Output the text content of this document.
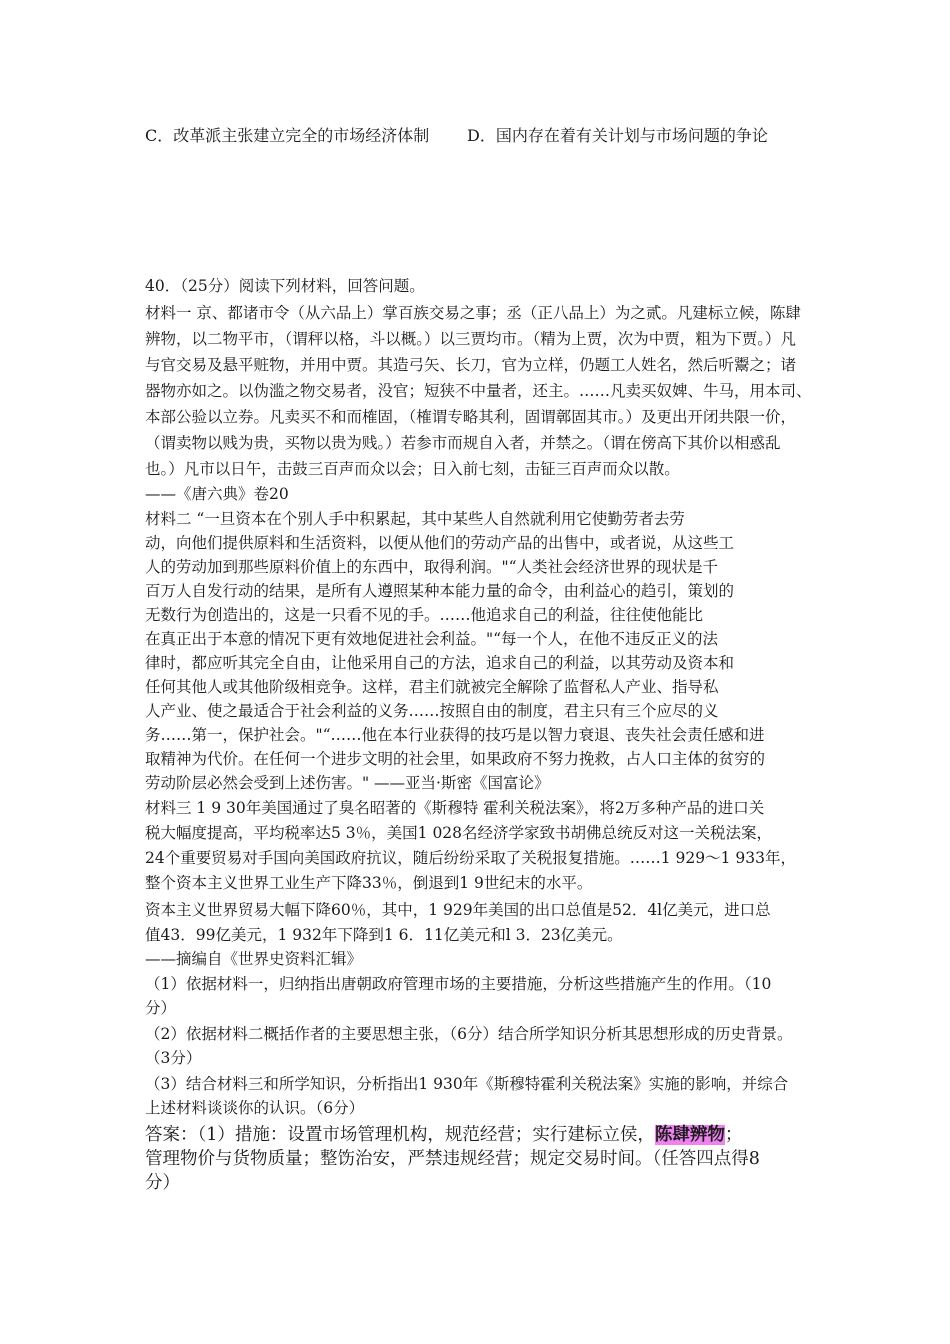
C．改革派主张建立完全的市场经济体制 D．国内存在着有关计划与市场问题的争论
40．（25分）阅读下列材料，回答问题。
材料一 京、都诸市令（从六品上）掌百族交易之事；丞（正八品上）为之贰。凡建标立候，陈肆
辨物，以二物平市，（谓秤以格，斗以概。）以三贾均市。（精为上贾，次为中贾，粗为下贾。）凡
与官交易及悬平赃物，并用中贾。其造弓矢、长刀，官为立样，仍题工人姓名，然后听鬻之；诸
器物亦如之。以伪滥之物交易者，没官；短狭不中量者，还主。……凡卖买奴婢、牛马，用本司、
本部公验以立券。凡卖买不和而榷固，（榷谓专略其利，固谓鄣固其市。）及更出开闭共限一价，
（谓卖物以贱为贵，买物以贵为贱。）若参市而规自入者，并禁之。（谓在傍高下其价以相惑乱
也。）凡市以日午，击鼓三百声而众以会；日入前七刻，击钲三百声而众以散。
——《唐六典》卷20
材料二 “一旦资本在个别人手中积累起，其中某些人自然就利用它使勤劳者去劳
动，向他们提供原料和生活资料，以便从他们的劳动产品的出售中，或者说，从这些工
人的劳动加到那些原料价值上的东西中，取得利润。"“人类社会经济世界的现状是千
百万人自发行动的结果，是所有人遵照某种本能力量的命令，由利益心的趋引，策划的
无数行为创造出的，这是一只看不见的手。……他追求自己的利益，往往使他能比
在真正出于本意的情况下更有效地促进社会利益。"“每一个人，在他不违反正义的法
律时，都应听其完全自由，让他采用自己的方法，追求自己的利益，以其劳动及资本和
任何其他人或其他阶级相竞争。这样，君主们就被完全解除了监督私人产业、指导私
人产业、使之最适合于社会利益的义务……按照自由的制度，君主只有三个应尽的义
务……第一，保护社会。"“……他在本行业获得的技巧是以智力衰退、丧失社会责任感和进
取精神为代价。在任何一个进步文明的社会里，如果政府不努力挽救，占人口主体的贫穷的
劳动阶层必然会受到上述伤害。" ——亚当·斯密《国富论》
材料三 1 9 30年美国通过了臭名昭著的《斯穆特 霍利关税法案》，将2万多种产品的进口关
税大幅度提高，平均税率达5 3％，美国1 028名经济学家致书胡佛总统反对这一关税法案，
24个重要贸易对手国向美国政府抗议，随后纷纷采取了关税报复措施。……1 929～1 933年，
整个资本主义世界工业生产下降33％，倒退到1 9世纪末的水平。
资本主义世界贸易大幅下降60％，其中，1 929年美国的出口总值是52．4l亿美元，进口总
值43．99亿美元，1 932年下降到1 6．11亿美元和l 3．23亿美元。
——摘编自《世界史资料汇辑》
（1）依据材料一，归纳指出唐朝政府管理市场的主要措施，分析这些措施产生的作用。（10
分）
（2）依据材料二概括作者的主要思想主张，（6分）结合所学知识分析其思想形成的历史背景。
（3分）
（3）结合材料三和所学知识，分析指出1 930年《斯穆特霍利关税法案》实施的影响，并综合
上述材料谈谈你的认识。（6分）
答案：（1）措施：设置市场管理机构，规范经营；实行建标立侯，陈肆辨物；
管理物价与货物质量；整饬治安，严禁违规经营；规定交易时间。（任答四点得8
分）
